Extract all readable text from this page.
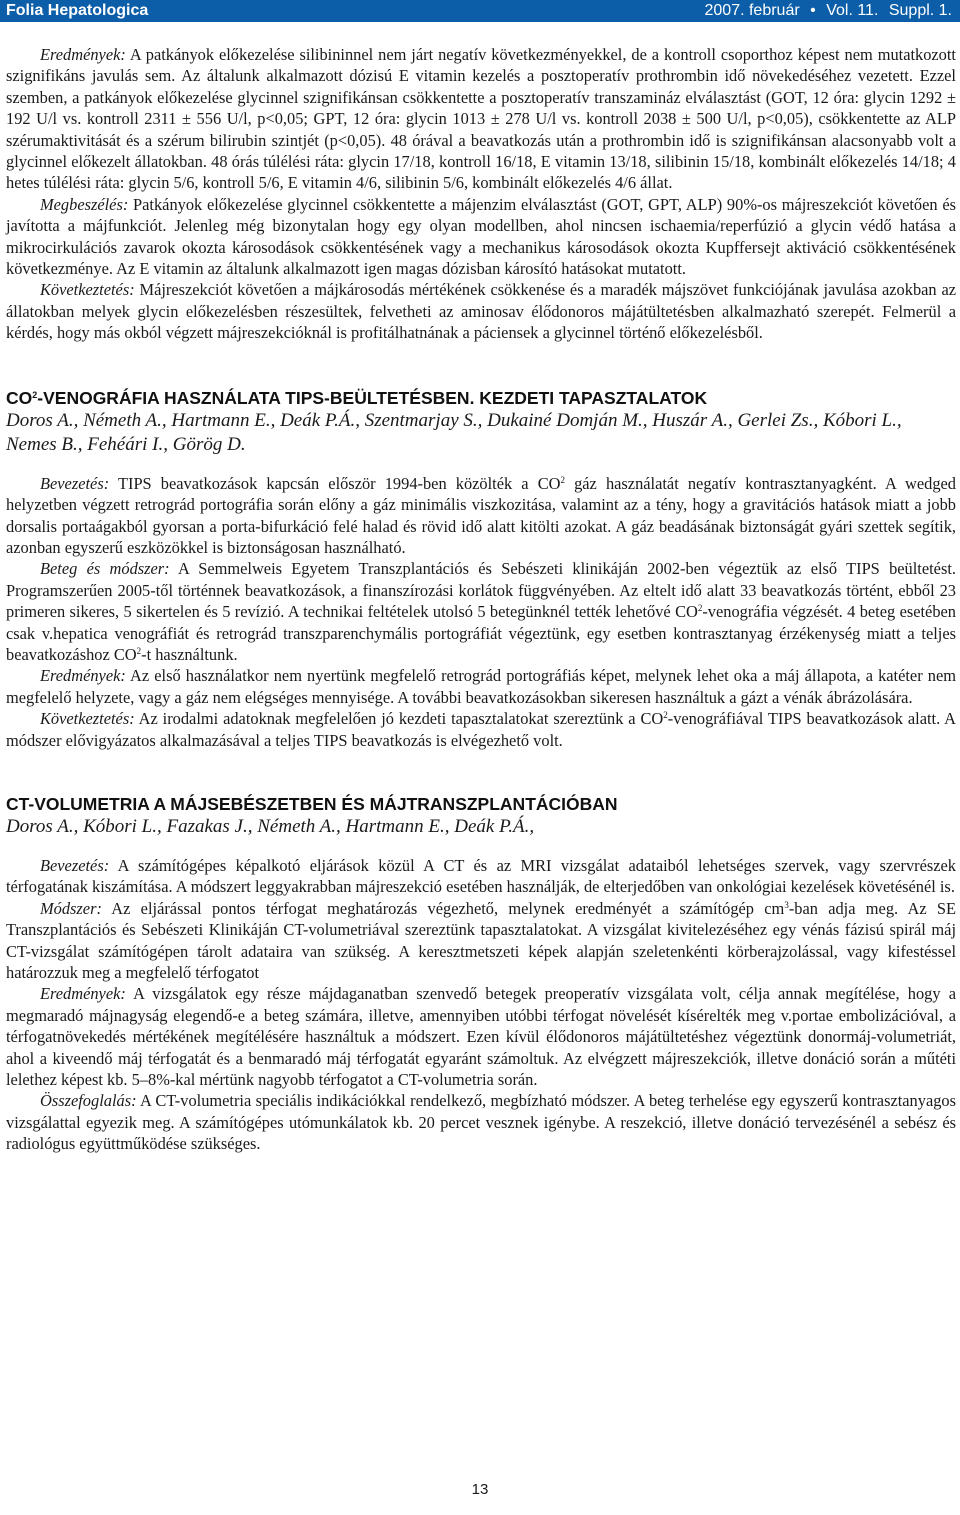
Folia Hepatologica	2007. február • Vol. 11. Suppl. 1.

Eredmények: A patkányok előkezelése silibininnel nem járt negatív következményekkel, de a kontroll csoporthoz képest nem mutatkozott szignifikáns javulás sem. Az általunk alkalmazott dózisú E vitamin kezelés a posztoperatív prothrombin idő növekedéséhez vezetett. Ezzel szemben, a patkányok előkezelése glycinnel szignifikánsan csökkentette a posztoperatív transzamináz elválasztást (GOT, 12 óra: glycin 1292 ± 192 U/l vs. kontroll 2311 ± 556 U/l, p<0,05; GPT, 12 óra: glycin 1013 ± 278 U/l vs. kontroll 2038 ± 500 U/l, p<0,05), csökkentette az ALP szérumaktivitását és a szérum bilirubin szintjét (p<0,05). 48 órával a beavatkozás után a prothrombin idő is szignifikánsan alacsonyabb volt a glycinnel előkezelt állatokban. 48 órás túlélési ráta: glycin 17/18, kontroll 16/18, E vitamin 13/18, silibinin 15/18, kombinált előkezelés 14/18; 4 hetes túlélési ráta: glycin 5/6, kontroll 5/6, E vitamin 4/6, silibinin 5/6, kombinált előkezelés 4/6 állat.

Megbeszélés: Patkányok előkezelése glycinnel csökkentette a májenzim elválasztást (GOT, GPT, ALP) 90%-os májreszekciót követően és javította a májfunkciót. Jelenleg még bizonytalan hogy egy olyan modellben, ahol nincsen ischaemia/reperfúzió a glycin védő hatása a mikrocirkulációs zavarok okozta károsodások csökkentésének vagy a mechanikus károsodások okozta Kupffersejt aktiváció csökkentésének következménye. Az E vitamin az általunk alkalmazott igen magas dózisban károsító hatásokat mutatott.

Következtetés: Májreszekciót követően a májkárosodás mértékének csökkenése és a maradék májszövet funkciójának javulása azokban az állatokban melyek glycin előkezelésben részesültek, felvetheti az aminosav élődonoros májátültetésben alkalmazható szerepét. Felmerül a kérdés, hogy más okból végzett májreszekcióknál is profitálhatnának a páciensek a glycinnel történő előkezelésből.

$CO^2$-VENOGRÁFIA HASZNÁLATA TIPS-BEÜLTETÉSBEN. KEZDETI TAPASZTALATOK

Doros A., Németh A., Hartmann E., Deák P.Á., Szentmarjay S., Dukainé Domján M., Huszár A., Gerlei Zs., Kóbori L., Nemes B., Fehéári I., Görög D.

Bevezetés: TIPS beavatkozások kapcsán először 1994-ben közölték a $CO^2$ gáz használatát negatív kontrasztanyagként. A wedged helyzetben végzett retrográd portográfia során előny a gáz minimális viszkozitása, valamint az a tény, hogy a gravitációs hatások miatt a jobb dorsalis portaágakból gyorsan a porta-bifurkáció felé halad és rövid idő alatt kitölti azokat. A gáz beadásának biztonságát gyári szettek segítik, azonban egyszerű eszközökkel is biztonságosan használható.

Beteg és módszer: A Semmelweis Egyetem Transzplantációs és Sebészeti klinikáján 2002-ben végeztük az első TIPS beültetést. Programszerűen 2005-től történnek beavatkozások, a finanszírozási korlátok függvényében. Az eltelt idő alatt 33 beavatkozás történt, ebből 23 primeren sikeres, 5 sikertelen és 5 revízió. A technikai feltételek utolsó 5 betegünknél tették lehetővé $CO^2$-venográfia végzését. 4 beteg esetében csak v.hepatica venográfiát és retrográd transzparenchymális portográfiát végeztünk, egy esetben kontrasztanyag érzékenység miatt a teljes beavatkozáshoz $CO^2-t$ használtunk.

Eredmények: Az első használatkor nem nyertünk megfelelő retrográd portográfiás képet, melynek lehet oka a máj állapota, a katéter nem megfelelő helyzete, vagy a gáz nem elégséges mennyisége. A további beavatkozásokban sikeresen használtuk a gázt a vénák ábrázolására.

Következtetés: Az irodalmi adatoknak megfelelően jó kezdeti tapasztalatokat szereztünk a $CO^2$-venográfiával TIPS beavatkozások alatt. A módszer elővigyázatos alkalmazásával a teljes TIPS beavatkozás is elvégezhető volt.

CT-VOLUMETRIA A MÁJSEBÉSZETBEN ÉS MÁJTRANSZPLANTÁCIÓBAN

Doros A., Kóbori L., Fazakas J., Németh A., Hartmann E., Deák P.Á.,

Bevezetés: A számítógépes képalkotó eljárások közül A CT és az MRI vizsgálat adataiból lehetséges szervek, vagy szervrészek térfogatának kiszámítása. A módszert leggyakrabban májreszekció esetében használják, de elterjedőben van onkológiai kezelések követésénél is.

Módszer: Az eljárással pontos térfogat meghatározás végezhető, melynek eredményét a számítógép $cm^3$-ban adja meg. Az SE Transzplantációs és Sebészeti Klinikáján CT-volumetriával szereztünk tapasztalatokat. A vizsgálat kivitelezéséhez egy vénás fázisú spirál máj CT-vizsgálat számítógépen tárolt adataira van szükség. A keresztmetszeti képek alapján szeletenkénti körberajzolással, vagy kifestéssel határozzuk meg a megfelelő térfogatot

Eredmények: A vizsgálatok egy része májdaganatban szenvedő betegek preoperatív vizsgálata volt, célja annak megítélése, hogy a megmaradó májnagyság elegendő-e a beteg számára, illetve, amennyiben utóbbi térfogat növelését kísérelték meg v.portae embolizációval, a térfogatnövekedés mértékének megítélésére használtuk a módszert. Ezen kívül élődonoros májátültetéshez végeztünk donormáj-volumetriát, ahol a kiveendő máj térfogatát és a benmaradó máj térfogatát egyaránt számoltuk. Az elvégzett májreszekciók, illetve donáció során a műtéti lelethez képest kb. 5–8%-kal mértünk nagyobb térfogatot a CT-volumetria során.

Összefoglalás: A CT-volumetria speciális indikációkkal rendelkező, megbízható módszer. A beteg terhelése egy egyszerű kontrasztanyagos vizsgálattal egyezik meg. A számítógépes utómunkálatok kb. 20 percet vesznek igénybe. A reszekció, illetve donáció tervezésénél a sebész és radiológus együttműködése szükséges.

13
